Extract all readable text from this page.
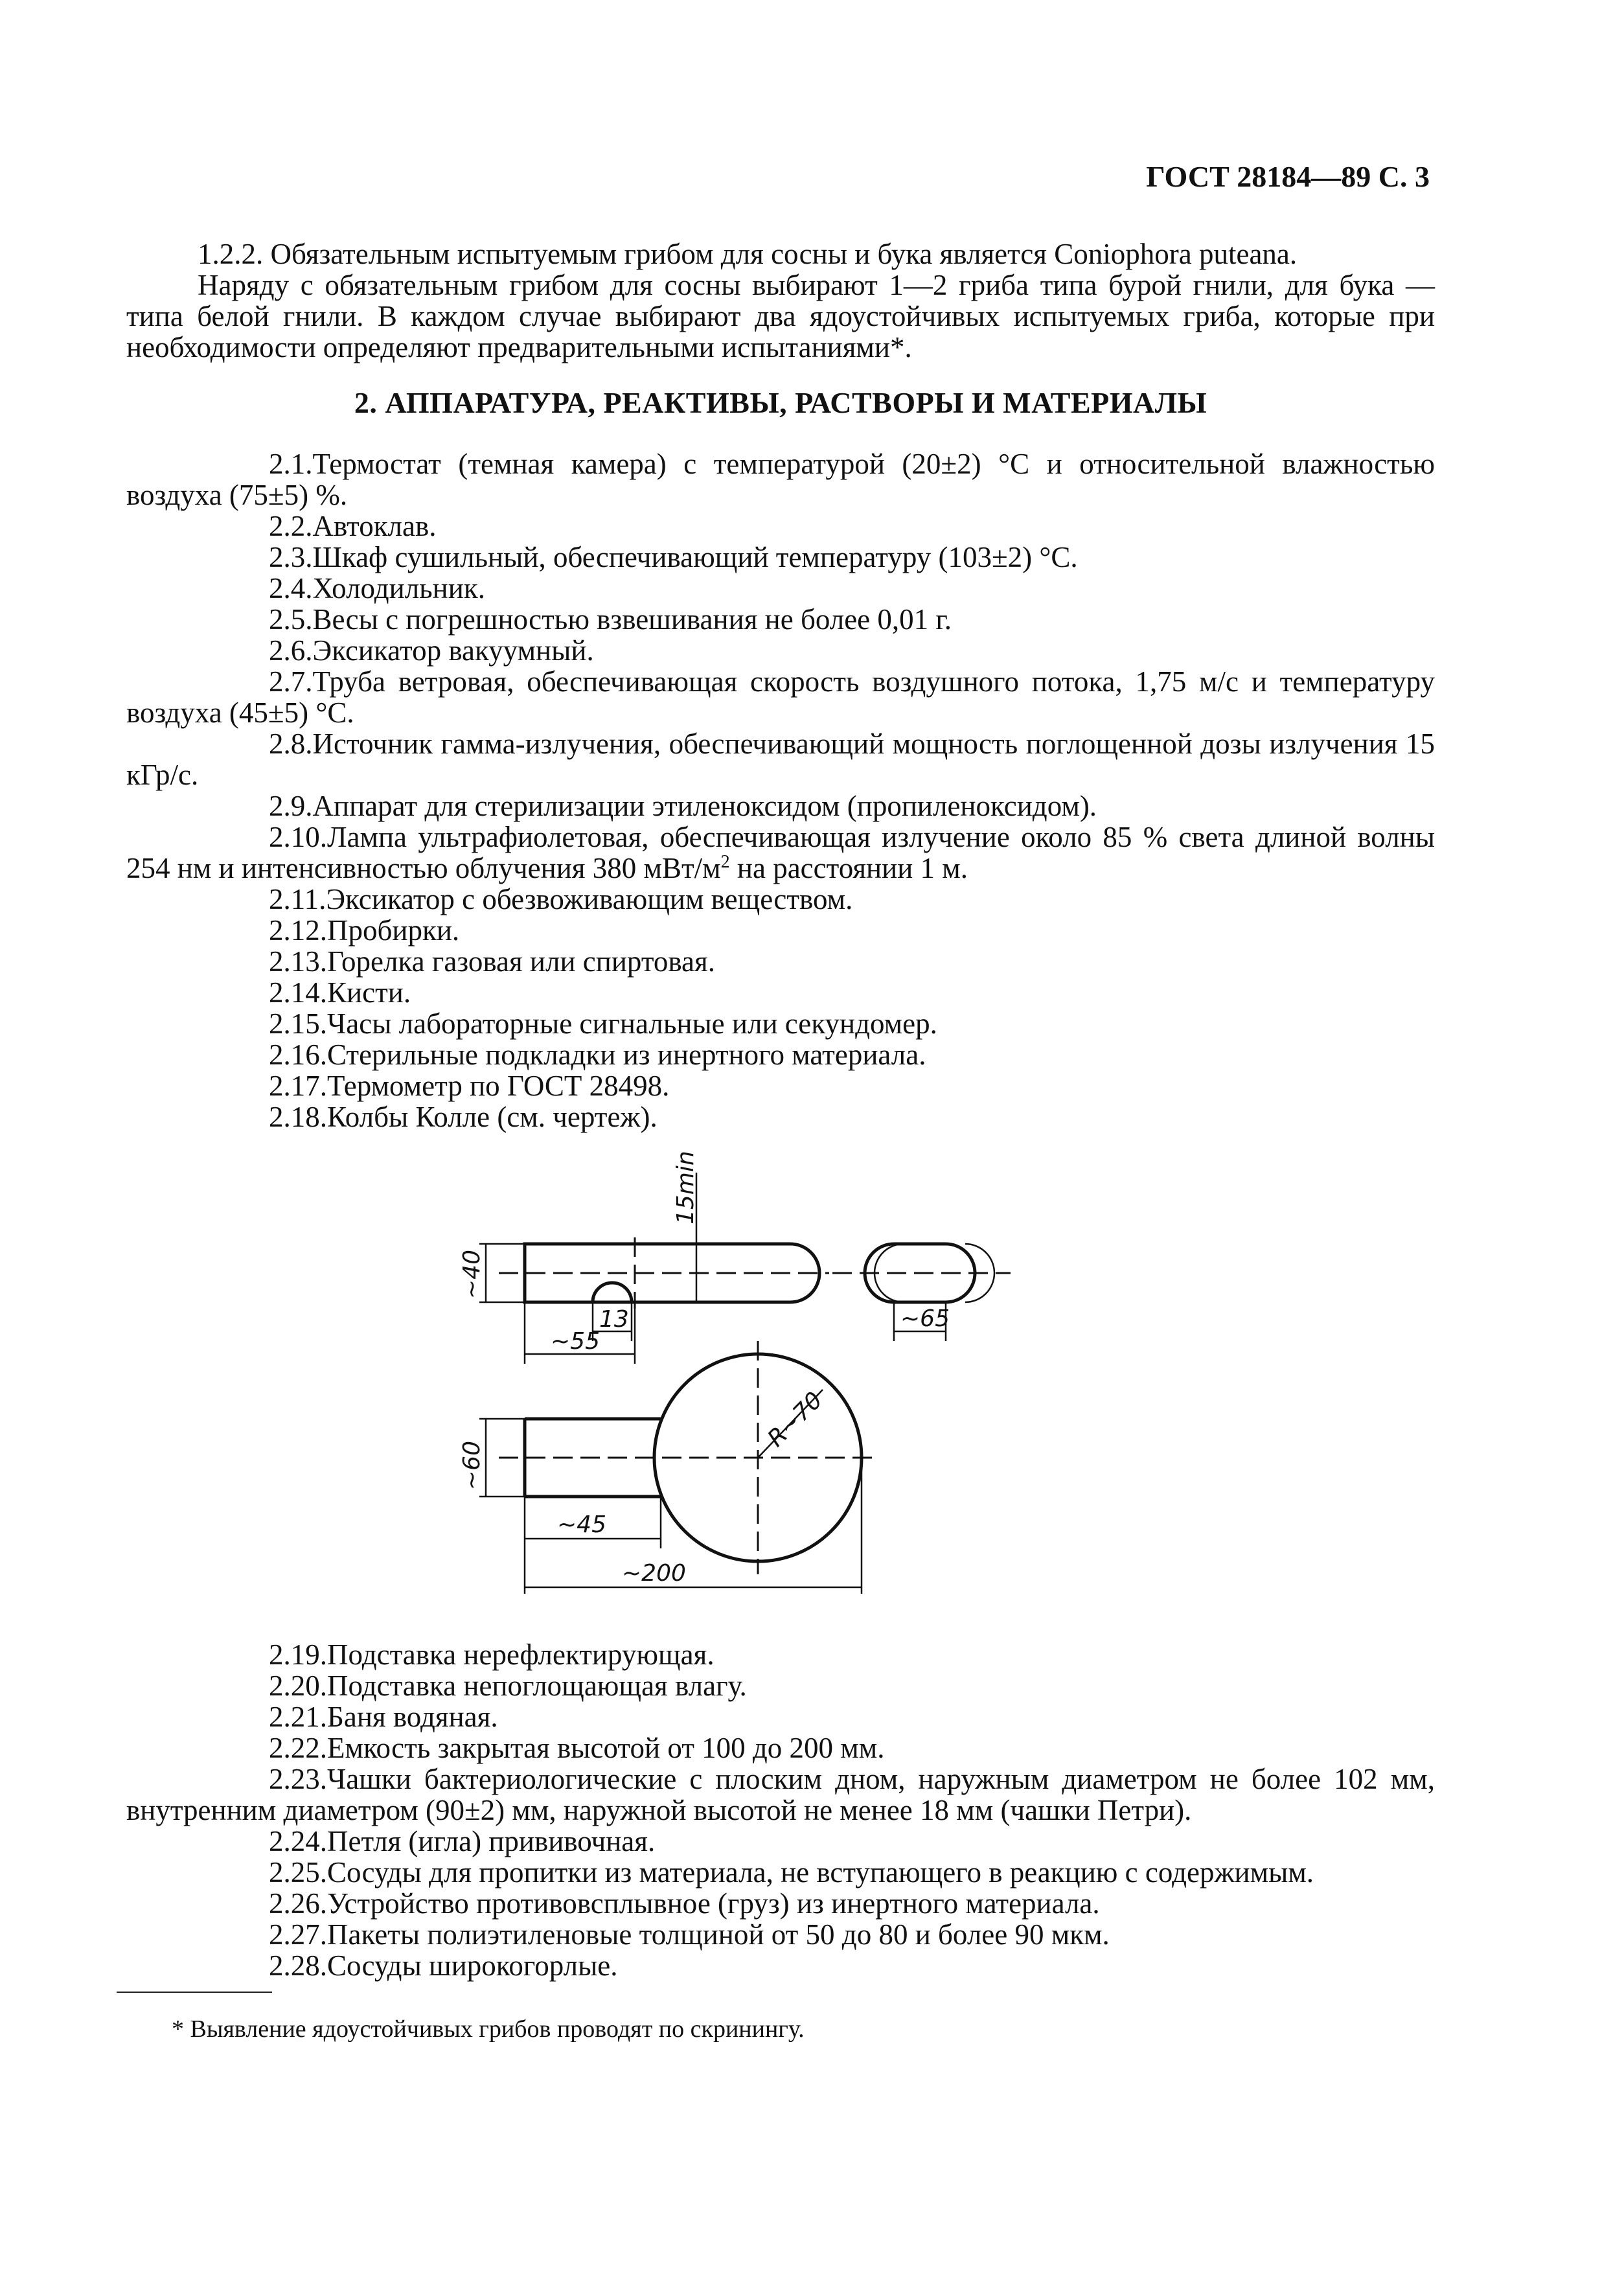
ГОСТ 28184—89 С. 3

1.2.2. Обязательным испытуемым грибом для сосны и бука является Coniophora puteana.

Наряду с обязательным грибом для сосны выбирают 1—2 гриба типа бурой гнили, для бука — типа белой гнили. В каждом случае выбирают два ядоустойчивых испытуемых гриба, которые при необходимости определяют предварительными испытаниями*.

2. АППАРАТУРА, РЕАКТИВЫ, РАСТВОРЫ И МАТЕРИАЛЫ

2.1.Термостат (темная камера) с температурой (20±2) °С и относительной влажностью воздуха (75±5) %.

2.2.Автоклав.

2.3.Шкаф сушильный, обеспечивающий температуру (103±2) °С.

2.4.Холодильник.

2.5.Весы с погрешностью взвешивания не более 0,01 г.

2.6.Эксикатор вакуумный.

2.7.Труба ветровая, обеспечивающая скорость воздушного потока, 1,75 м/с и температуру воздуха (45±5) °С.

2.8.Источник гамма-излучения, обеспечивающий мощность поглощенной дозы излучения 15 кГр/с.

2.9.Аппарат для стерилизации этиленоксидом (пропиленоксидом).

2.10.Лампа ультрафиолетовая, обеспечивающая излучение около 85 % света длиной волны 254 нм и интенсивностью облучения 380 мВт/$м^2$ на расстоянии 1 м.

2.11.Эксикатор с обезвоживающим веществом.

2.12.Пробирки.

2.13.Горелка газовая или спиртовая.

2.14.Кисти.

2.15.Часы лабораторные сигнальные или секундомер.

2.16.Стерильные подкладки из инертного материала.

2.17.Термометр по ГОСТ 28498.

2.18.Колбы Колле (см. чертеж).

15min
~40
13
~55
~65
~60
R~70
~45
~200

2.19.Подставка нерефлектирующая.

2.20.Подставка непоглощающая влагу.

2.21.Баня водяная.

2.22.Емкость закрытая высотой от 100 до 200 мм.

2.23.Чашки бактериологические с плоским дном, наружным диаметром не более 102 мм, внутренним диаметром (90±2) мм, наружной высотой не менее 18 мм (чашки Петри).

2.24.Петля (игла) прививочная.

2.25.Сосуды для пропитки из материала, не вступающего в реакцию с содержимым.

2.26.Устройство противовсплывное (груз) из инертного материала.

2.27.Пакеты полиэтиленовые толщиной от 50 до 80 и более 90 мкм.

2.28.Сосуды широкогорлые.

* Выявление ядоустойчивых грибов проводят по скринингу.
